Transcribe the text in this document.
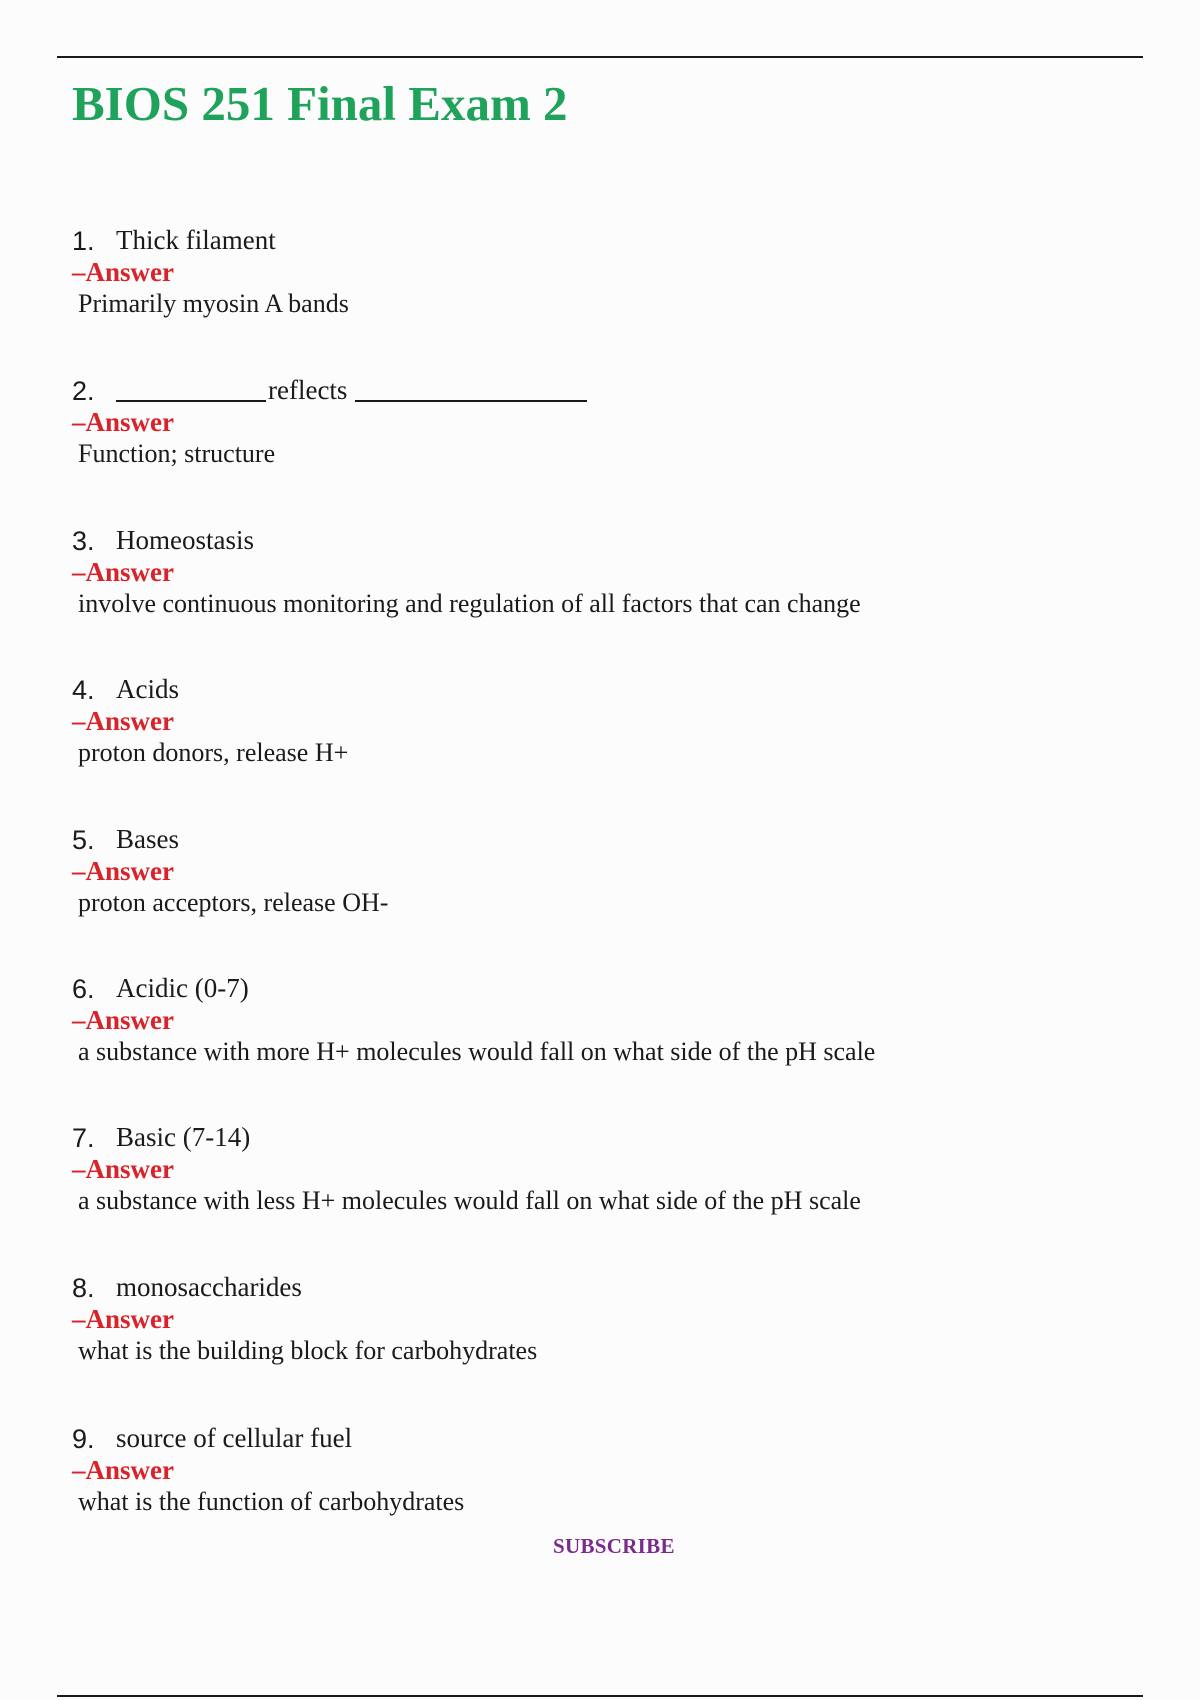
BIOS 251 Final Exam 2
1. Thick filament
–Answer
Primarily myosin A bands
2.	reflects
–Answer
Function; structure
3. Homeostasis
–Answer
involve continuous monitoring and regulation of all factors that can change
4. Acids
–Answer
proton donors, release H+
5. Bases
–Answer
proton acceptors, release OH-
6. Acidic (0-7)
–Answer
a substance with more H+ molecules would fall on what side of the pH scale
7. Basic (7-14)
–Answer
a substance with less H+ molecules would fall on what side of the pH scale
8. monosaccharides
–Answer
what is the building block for carbohydrates
9. source of cellular fuel
–Answer
what is the function of carbohydrates
SUBSCRIBE
